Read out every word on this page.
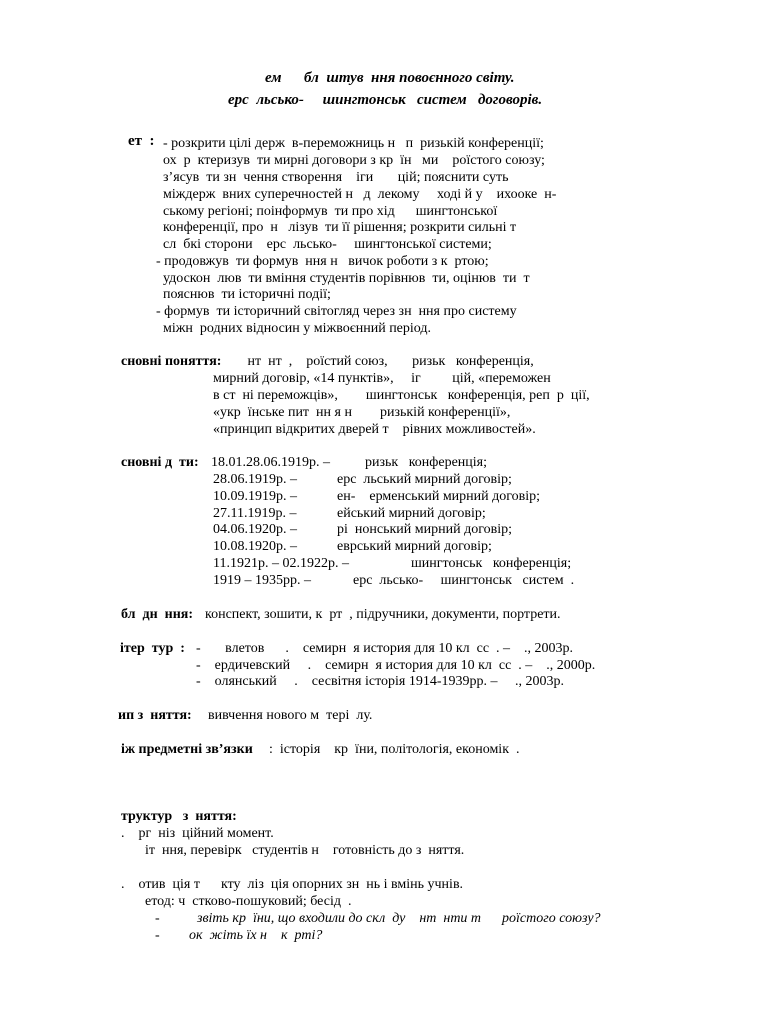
ем      бл  штув  ння повоєнного світу.
ерс  льсько-     шингтонськ   систем   договорів.
ет  : - розкрити цілі держ  в-переможниць н   п  ризькій конференції;
ох  р  ктеризув  ти мирні договори з кр  їн   ми    роїстого союзу;
з’ясув  ти зн  чення створення    іги       цій; пояснити суть
міждерж  вних суперечностей н   д  лекому     ході й у    ихооке  н-
ському регіоні; поінформув  ти про хід      шингтонської
конференції, про  н   лізув  ти її рішення; розкрити сильні т
сл  бкі сторони    ерс  льсько-     шингтонської системи;
- продовжув  ти формув  ння н   вичок роботи з к  ртою;
удоскон  люв  ти вміння студентів порівнюв  ти, оцінюв  ти  т
пояснюв  ти історичні події;
- формув  ти історичний світогляд через зн  ння про систему
міжн  родних відносин у міжвоєнний період.
сновні поняття: нт  нт  ,    роїстий союз,       ризьк   конференція,
мирний договір, «14 пунктів»,     іг         цій, «переможен
в ст  ні переможців»,        шингтонськ   конференція, реп  р  ції,
«укр  їнське пит  нн я н        ризькій конференції»,
«принцип відкритих дверей т    рівних можливостей».
сновні д  ти: 18.01.28.06.1919р. –	ризьк   конференція;
28.06.1919р. –	ерс  льський мирний договір;
10.09.1919р. –	ен-    ерменський мирний договір;
27.11.1919р. –	ейський мирний договір;
04.06.1920р. –	рі  нонський мирний договір;
10.08.1920р. –	еврський мирний договір;
11.1921р. – 02.1922р. –	шингтонськ   конференція;
1919 – 1935рр. –	ерс  льсько-     шингтонськ   систем  .
бл  дн  ння: конспект, зошити, к  рт  , підручники, документи, портрети.
ітер  тур  : -       влетов      .    семирн  я история для 10 кл  сс  . –    ., 2003р.
-    ердичевский     .    семирн  я история для 10 кл  сс  . –    ., 2000р.
-    олянський     .    сесвітня історія 1914-1939рр. –     ., 2003р.
ип з  няття: вивчення нового м  тері  лу.
іж предметні зв’язки :  історія    кр  їни, політологія, економік  .
труктур   з  няття:
.    рг  ніз  ційний момент.
іт  ння, перевірк   студентів н    готовність до з  няття.
.    отив  ція т      кту  ліз  ція опорних зн  нь і вмінь учнів.
етод: ч  стково-пошуковий; бесід  .
-	звіть кр  їни, що входили до скл  ду    нт  нти т      роїстого союзу?
- ок  жіть їх н    к  рті?
